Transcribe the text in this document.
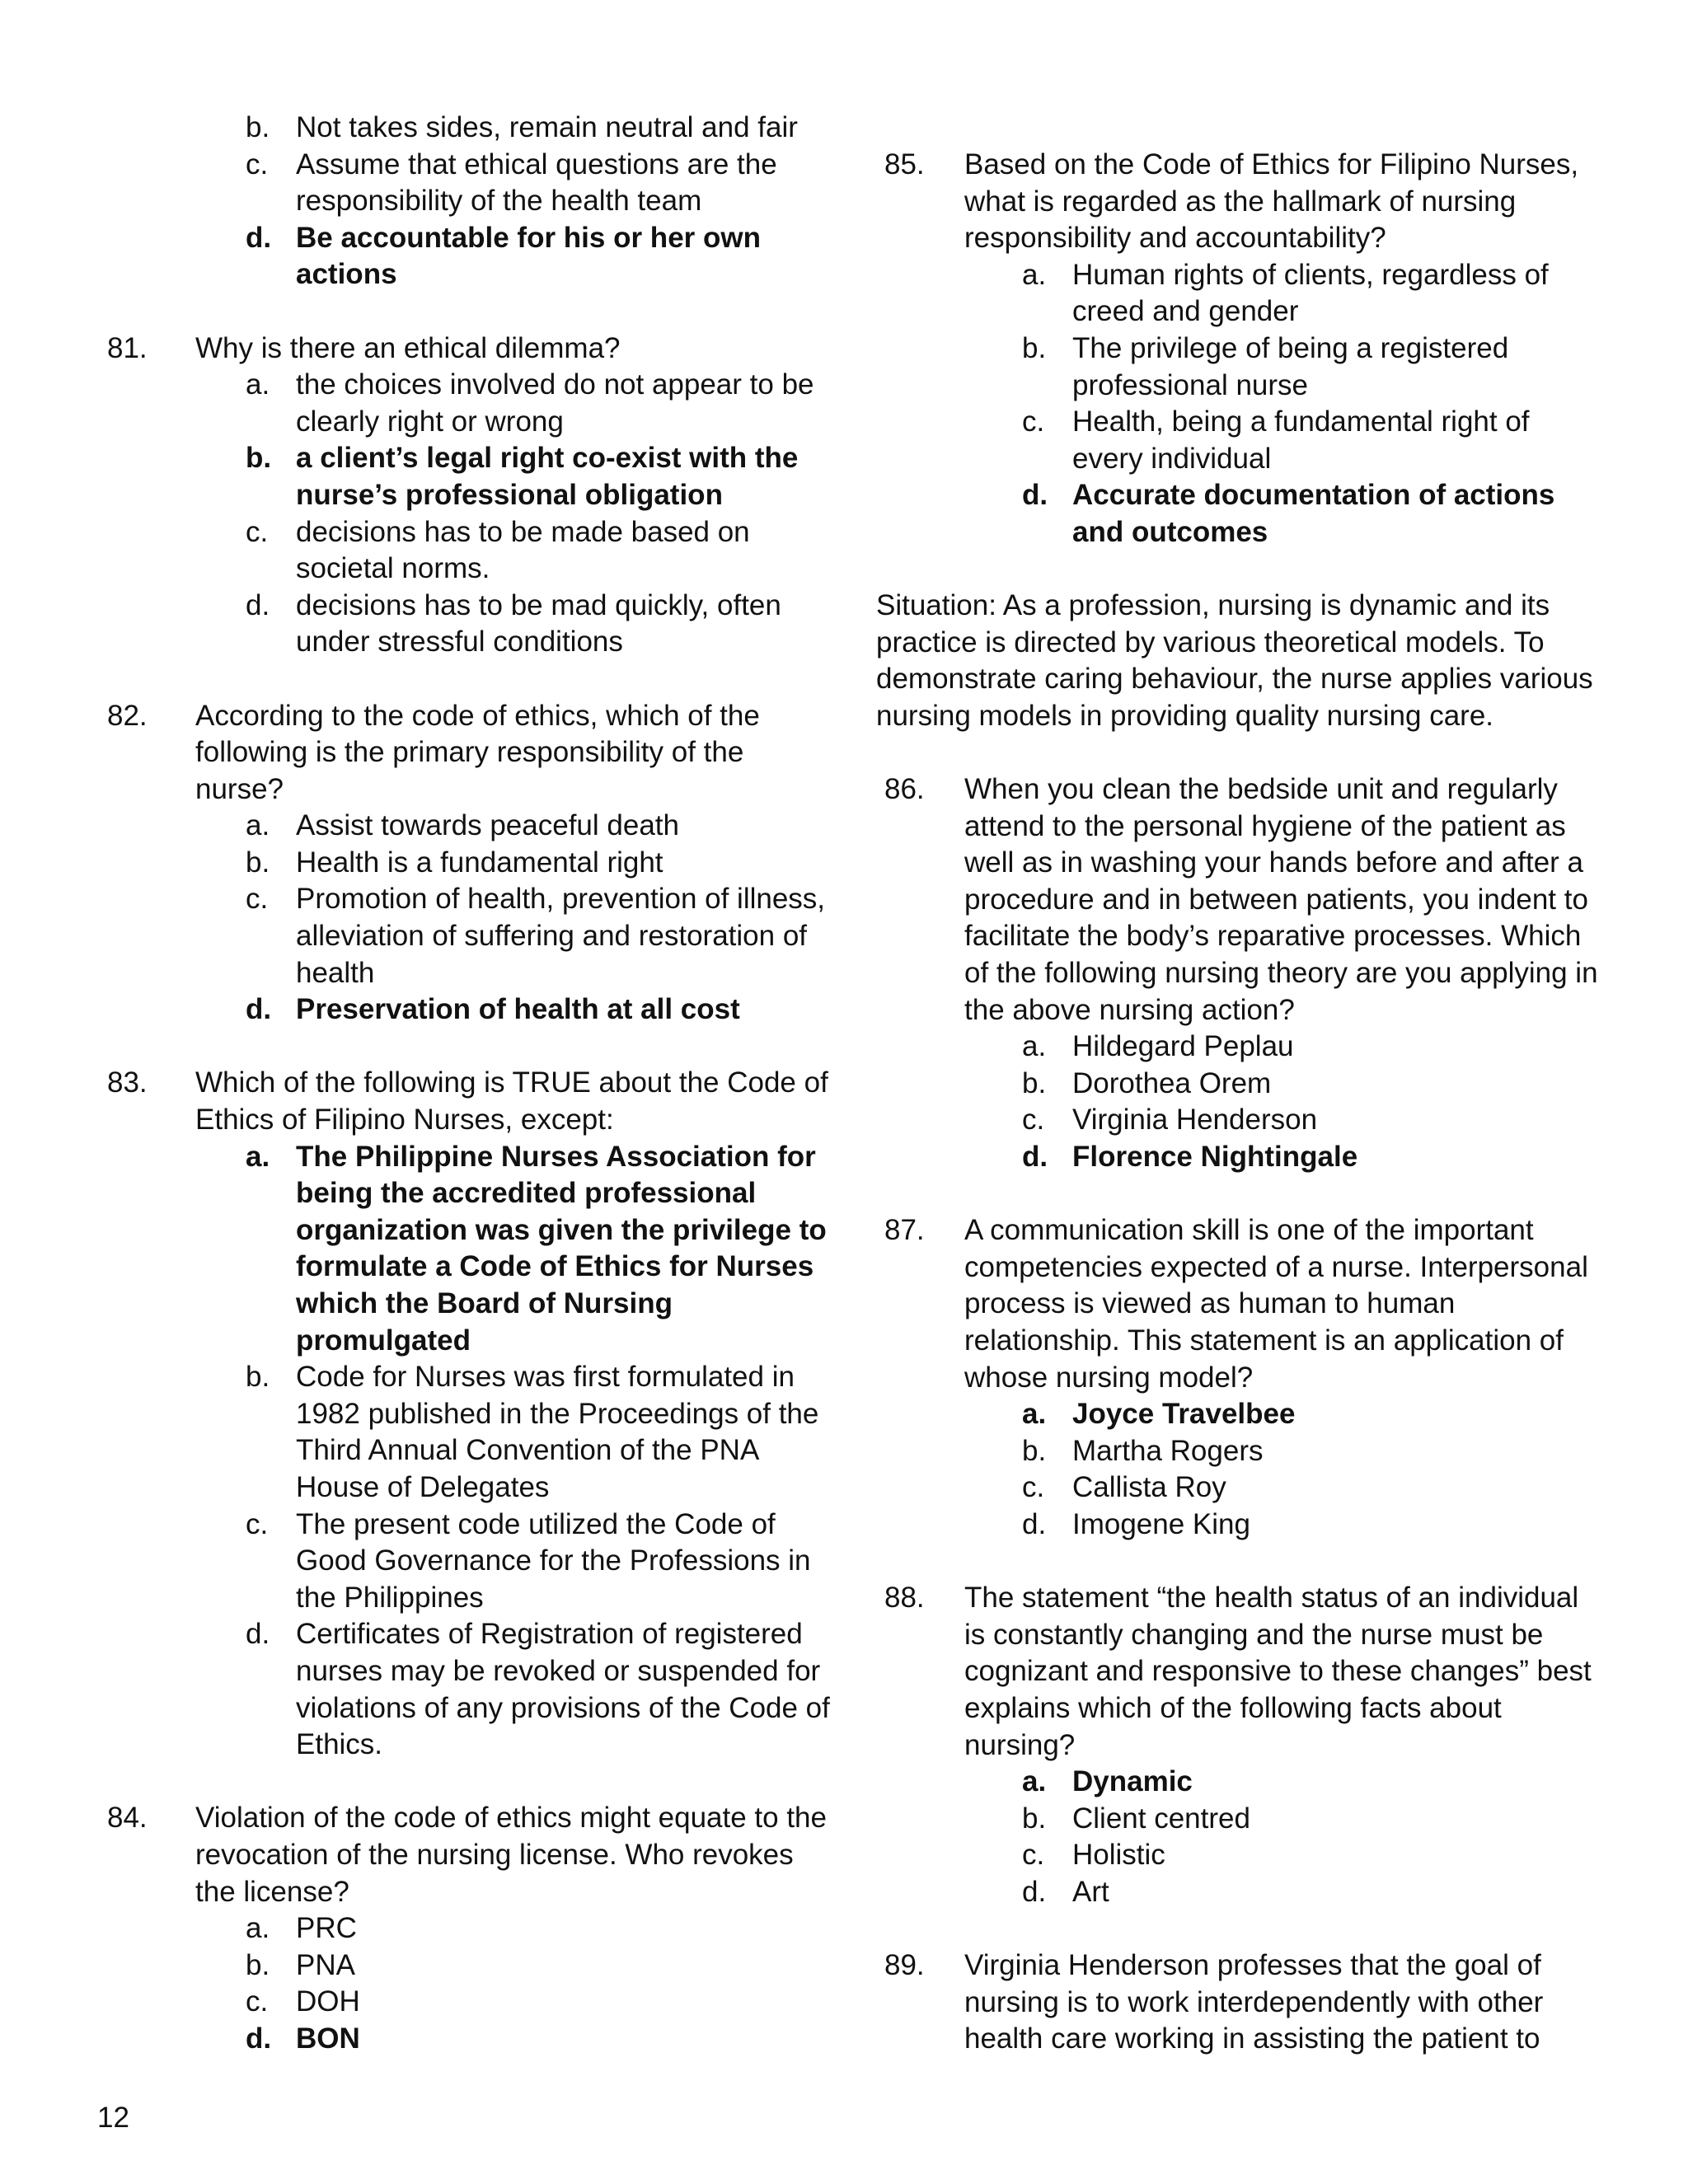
b. Not takes sides, remain neutral and fair
c. Assume that ethical questions are the responsibility of the health team
d. Be accountable for his or her own actions
81.	Why is there an ethical dilemma?
a. the choices involved do not appear to be clearly right or wrong
b. a client’s legal right co-exist with the nurse’s professional obligation
c. decisions has to be made based on societal norms.
d. decisions has to be mad quickly, often under stressful conditions
82.	According to the code of ethics, which of the following is the primary responsibility of the nurse?
a. Assist towards peaceful death
b. Health is a fundamental right
c. Promotion of health, prevention of illness, alleviation of suffering and restoration of health
d. Preservation of health at all cost
83.	Which of the following is TRUE about the Code of Ethics of Filipino Nurses, except:
a. The Philippine Nurses Association for being the accredited professional organization was given the privilege to formulate a Code of Ethics for Nurses which the Board of Nursing promulgated
b. Code for Nurses was first formulated in 1982 published in the Proceedings of the Third Annual Convention of the PNA House of Delegates
c. The present code utilized the Code of Good Governance for the Professions in the Philippines
d. Certificates of Registration of registered nurses may be revoked or suspended for violations of any provisions of the Code of Ethics.
84.	Violation of the code of ethics might equate to the revocation of the nursing license. Who revokes the license?
a. PRC
b. PNA
c. DOH
d. BON
85.	Based on the Code of Ethics for Filipino Nurses, what is regarded as the hallmark of nursing responsibility and accountability?
a. Human rights of clients, regardless of creed and gender
b. The privilege of being a registered professional nurse
c. Health, being a fundamental right of every individual
d. Accurate documentation of actions and outcomes
Situation: As a profession, nursing is dynamic and its practice is directed by various theoretical models. To demonstrate caring behaviour, the nurse applies various nursing models in providing quality nursing care.
86.	When you clean the bedside unit and regularly attend to the personal hygiene of the patient as well as in washing your hands before and after a procedure and in between patients, you indent to facilitate the body’s reparative processes. Which of the following nursing theory are you applying in the above nursing action?
a. Hildegard Peplau
b. Dorothea Orem
c. Virginia Henderson
d. Florence Nightingale
87.	A communication skill is one of the important competencies expected of a nurse. Interpersonal process is viewed as human to human relationship. This statement is an application of whose nursing model?
a. Joyce Travelbee
b. Martha Rogers
c. Callista Roy
d. Imogene King
88.	The statement “the health status of an individual is constantly changing and the nurse must be cognizant and responsive to these changes” best explains which of the following facts about nursing?
a. Dynamic
b. Client centred
c. Holistic
d. Art
89.	Virginia Henderson professes that the goal of nursing is to work interdependently with other health care working in assisting the patient to
12
